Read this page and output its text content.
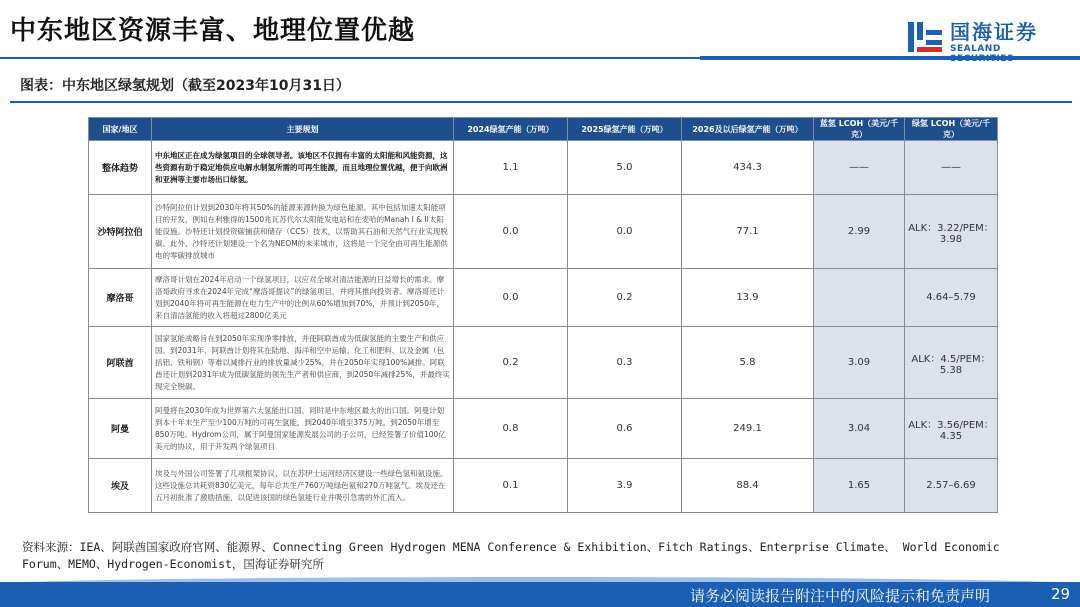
中东地区资源丰富、地理位置优越	国海证券
SEALAND
图表：中东地区绿氢规划（截至2023年10月31日）
国家/地区	主要规划	2024绿氢产能（万吨）	2025绿氢产能（万吨）	2026及以后绿氢产能（万吨）	蓝氢 LCOH（美元/千克）	绿氢 LCOH（美元/千克）
整体趋势	中东地区正在成为绿氢项目的全球领导者。该地区不仅拥有丰富的太阳能和风能资源，这些资源有助于稳定地供应电解水制氢所需的可再生能源，而且地理位置优越，便于向欧洲和亚洲等主要市场出口绿氢。	1.1	5.0	434.3	——	——
沙特阿拉伯	沙特阿拉伯计划到2030年将其50%的能源来源转换为绿色能源。其中包括加速太阳能项目的开发，例如在利雅得的1500兆瓦苏代尔太阳能发电站和在麦哈的Manah I & II太阳能设施。沙特还计划投资碳捕获和储存（CCS）技术，以帮助其石油和天然气行业实现脱碳。此外，沙特还计划建设一个名为NEOM的未来城市，这将是一个完全由可再生能源供电的零碳排放城市	0.0	0.0	77.1	2.99	ALK：3.22/PEM：3.98
摩洛哥	摩洛哥计划在2024年启动一个绿氢项目，以应对全球对清洁能源的日益增长的需求。摩洛哥政府寻求在2024年完成“摩洛哥提议”的绿氢项目，并将其推向投资者。摩洛哥还计划到2040年将可再生能源在电力生产中的比例从60%增加到70%，并预计到2050年，来自清洁氢能的收入将超过2800亿美元	0.0	0.2	13.9		4.64–5.79
阿联酋	国家氢能战略旨在到2050年实现净零排放，并使阿联酋成为低碳氢能的主要生产和供应国。到2031年，阿联酋计划将其在陆地、海洋和空中运输、化工和肥料、以及金属（包括铝、铁和钢）等难以减排行业的排放量减少25%，并在2050年实现100%减排。阿联酋还计划到2031年成为低碳氢能的领先生产者和供应商，到2050年减排25%，并最终实现完全脱碳。	0.2	0.3	5.8	3.09	ALK：4.5/PEM：5.38
阿曼	阿曼将在2030年成为世界第六大氢能出口国，同时是中东地区最大的出口国。阿曼计划到本十年末生产至少100万吨的可再生氢能，到2040年增至375万吨，到2050年增至850万吨。Hydrom公司，属于阿曼国家能源发展公司的子公司，已经签署了价值100亿美元的协议，用于开发两个绿氢项目	0.8	0.6	249.1	3.04	ALK：3.56/PEM：4.35
埃及	埃及与外国公司签署了几项框架协议，以在苏伊士运河经济区建设一些绿色氢和氨设施。这些设施总共耗资830亿美元，每年总共生产760万吨绿色氨和270万吨氢气。埃及还在五月初批准了激励措施，以促进该国的绿色氢能行业并吸引急需的外汇流入。	0.1	3.9	88.4	1.65	2.57–6.69
资料来源：IEA、阿联酋国家政府官网、能源界、Connecting Green Hydrogen MENA Conference & Exhibition、Fitch Ratings、Enterprise Climate、 World Economic Forum、MEMO、Hydrogen-Economist，国海证券研究所
请务必阅读报告附注中的风险提示和免责声明	29
